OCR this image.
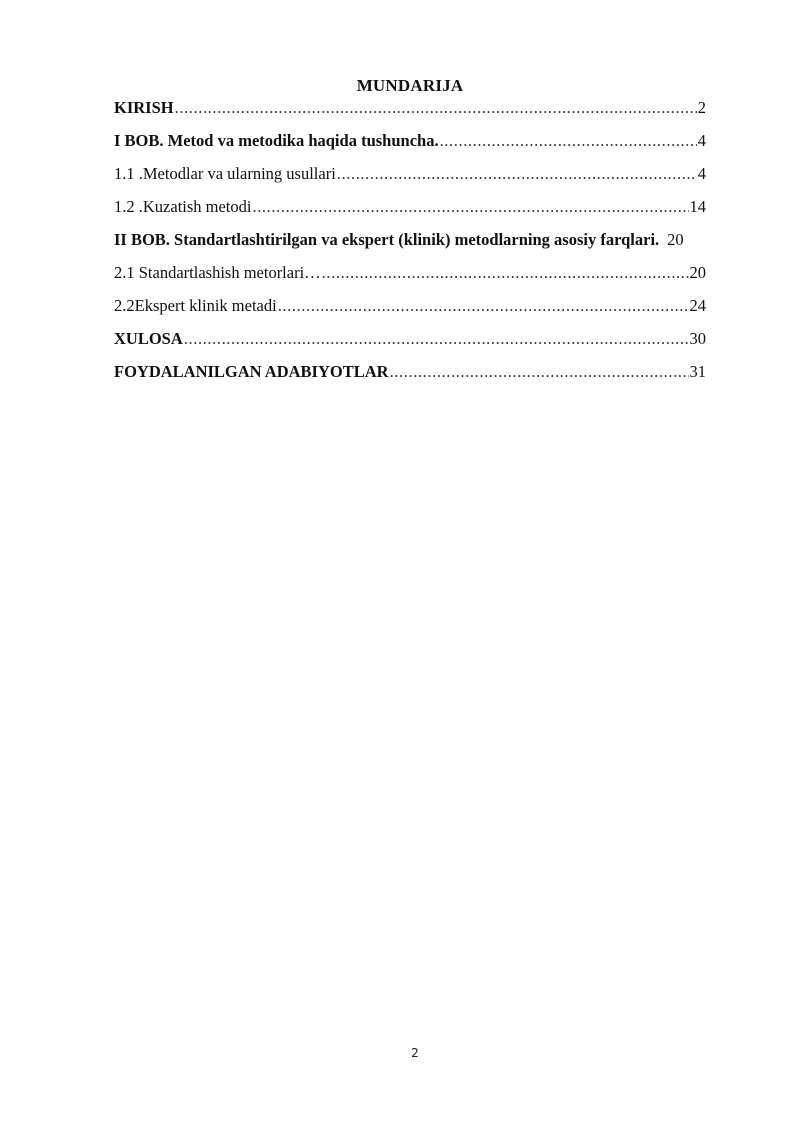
MUNDARIJA
KIRISH .....	2
I BOB. Metod va metodika haqida tushuncha. .....	4
1.1 .Metodlar va ularning usullari .....	4
1.2 .Kuzatish metodi .....	14
II BOB. Standartlashtirilgan va ekspert (klinik) metodlarning asosiy farqlari. 20
2.1 Standartlashish metorlari… .....	20
2.2Ekspert klinik metadi .....	24
XULOSA .....	30
FOYDALANILGAN ADABIYOTLAR .....	31
2
